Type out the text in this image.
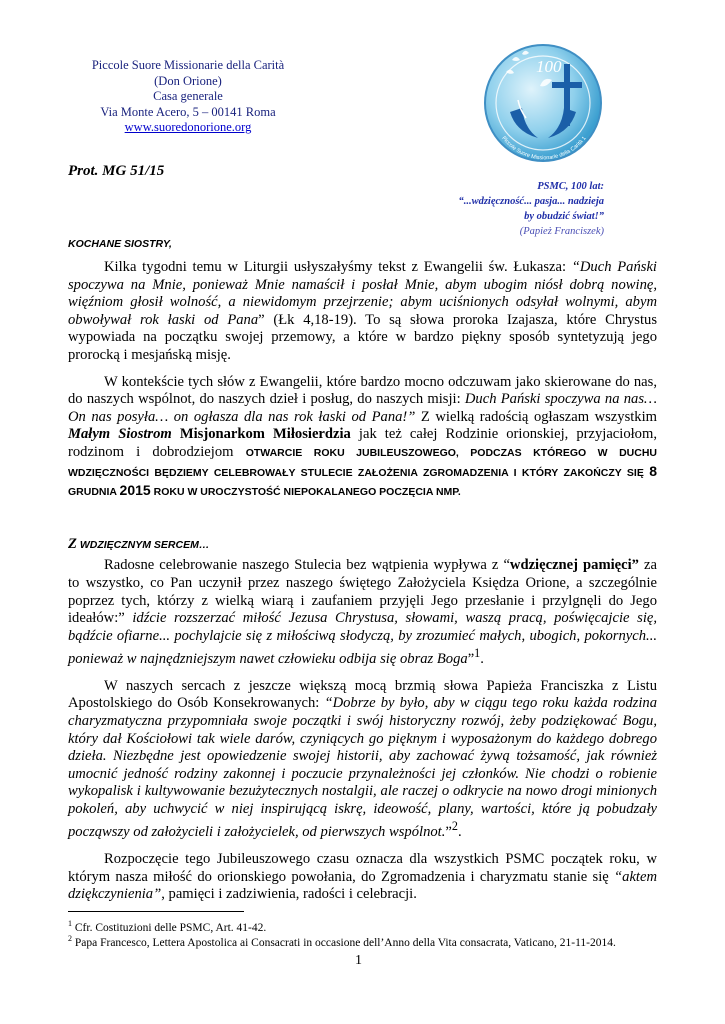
Piccole Suore Missionarie della Carità
(Don Orione)
Casa generale
Via Monte Acero, 5 – 00141 Roma
www.suoredonorione.org
100
Piccole Suore Missionarie della Carità 1
Prot. MG 51/15
PSMC, 100 lat:
“...wdzięczność... pasja... nadzieja
by obudzić świat!”
(Papież Franciszek)
KOCHANE SIOSTRY,

Kilka tygodni temu w Liturgii usłyszałyśmy tekst z Ewangelii św. Łukasza: “Duch Pański spoczywa na Mnie, ponieważ Mnie namaścił i posłał Mnie, abym ubogim niósł dobrą nowinę, więźniom głosił wolność, a niewidomym przejrzenie; abym uciśnionych odsyłał wolnymi, abym obwoływał rok łaski od Pana” (Łk 4,18-19). To są słowa proroka Izajasza, które Chrystus wypowiada na początku swojej przemowy, a które w bardzo piękny sposób syntetyzują jego prorocką i mesjańską misję.

W kontekście tych słów z Ewangelii, które bardzo mocno odczuwam jako skierowane do nas, do naszych wspólnot, do naszych dzieł i posług, do naszych misji: Duch Pański spoczywa na nas… On nas posyła… on ogłasza dla nas rok łaski od Pana!” Z wielką radością ogłaszam wszystkim Małym Siostrom Misjonarkom Miłosierdzia jak też całej Rodzinie orionskiej, przyjaciołom, rodzinom i dobrodziejom OTWARCIE ROKU JUBILEUSZOWEGO, PODCZAS KTÓREGO W DUCHU WDZIĘCZNOŚCI BĘDZIEMY CELEBROWAŁY STULECIE ZAŁOŻENIA ZGROMADZENIA I KTÓRY ZAKOŃCZY SIĘ 8 GRUDNIA 2015 ROKU W UROCZYSTOŚĆ NIEPOKALANEGO POCZĘCIA NMP.

Z WDZIĘCZNYM SERCEM…

Radosne celebrowanie naszego Stulecia bez wątpienia wypływa z “wdzięcznej pamięci” za to wszystko, co Pan uczynił przez naszego świętego Założyciela Księdza Orione, a szczególnie poprzez tych, którzy z wielką wiarą i zaufaniem przyjęli Jego przesłanie i przylgnęli do Jego ideałów:” idźcie rozszerzać miłość Jezusa Chrystusa, słowami, waszą pracą, poświęcajcie się, bądźcie ofiarne... pochylajcie się z miłościwą słodyczą, by zrozumieć małych, ubogich, pokornych... ponieważ w najnędzniejszym nawet człowieku odbija się obraz Boga”$^1$.

W naszych sercach z jeszcze większą mocą brzmią słowa Papieża Franciszka z Listu Apostolskiego do Osób Konsekrowanych: “Dobrze by było, aby w ciągu tego roku każda rodzina charyzmatyczna przypomniała swoje początki i swój historyczny rozwój, żeby podziękować Bogu, który dał Kościołowi tak wiele darów, czyniących go pięknym i wyposażonym do każdego dobrego dzieła. Niezbędne jest opowiedzenie swojej historii, aby zachować żywą tożsamość, jak również umocnić jedność rodziny zakonnej i poczucie przynależności jej członków. Nie chodzi o robienie wykopalisk i kultywowanie bezużytecznych nostalgii, ale raczej o odkrycie na nowo drogi minionych pokoleń, aby uchwycić w niej inspirującą iskrę, ideowość, plany, wartości, które ją pobudzały począwszy od założycieli i założycielek, od pierwszych wspólnot.”$^2$.

Rozpoczęcie tego Jubileuszowego czasu oznacza dla wszystkich PSMC początek roku, w którym nasza miłość do orionskiego powołania, do Zgromadzenia i charyzmatu stanie się “aktem dziękczynienia”, pamięci i zadziwienia, radości i celebracji.

$^1$ Cfr. Costituzioni delle PSMC, Art. 41-42.
$^2$ Papa Francesco, Lettera Apostolica ai Consacrati in occasione dell’Anno della Vita consacrata, Vaticano, 21-11-2014.
1
